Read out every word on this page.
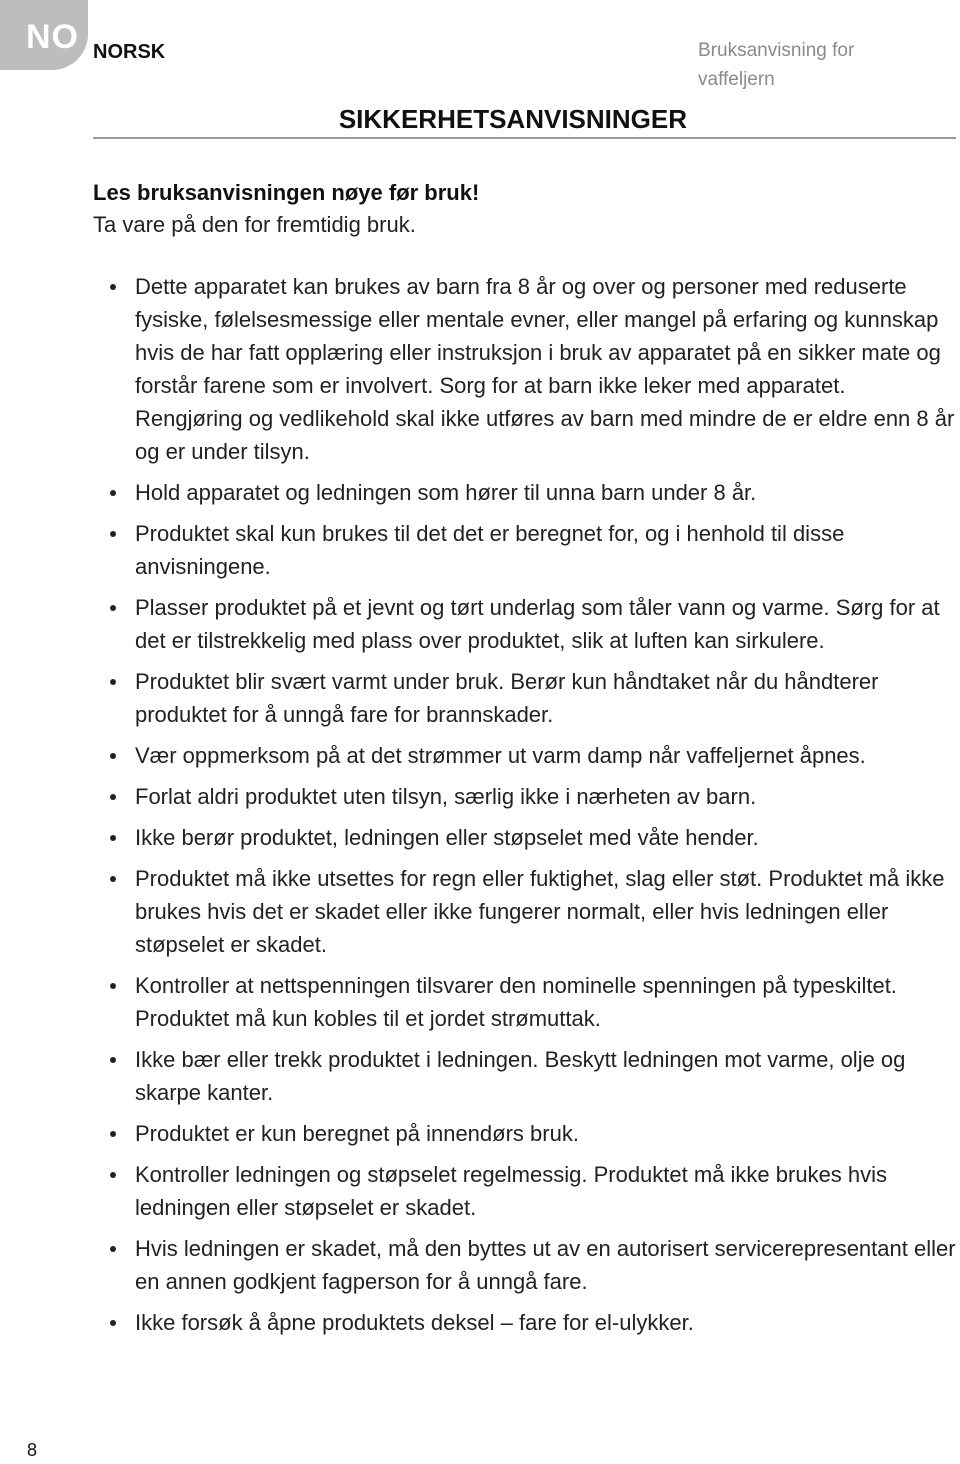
NO NORSK	Bruksanvisning for vaffeljern
SIKKERHETSANVISNINGER
Les bruksanvisningen nøye før bruk!
Ta vare på den for fremtidig bruk.
Dette apparatet kan brukes av barn fra 8 år og over og personer med reduserte fysiske, følelsesmessige eller mentale evner, eller mangel på erfaring og kunnskap hvis de har fatt opplæring eller instruksjon i bruk av apparatet på en sikker mate og forstår farene som er involvert. Sorg for at barn ikke leker med apparatet. Rengjøring og vedlikehold skal ikke utføres av barn med mindre de er eldre enn 8 år og er under tilsyn.
Hold apparatet og ledningen som hører til unna barn under 8 år.
Produktet skal kun brukes til det det er beregnet for, og i henhold til disse anvisningene.
Plasser produktet på et jevnt og tørt underlag som tåler vann og varme. Sørg for at det er tilstrekkelig med plass over produktet, slik at luften kan sirkulere.
Produktet blir svært varmt under bruk. Berør kun håndtaket når du håndterer produktet for å unngå fare for brannskader.
Vær oppmerksom på at det strømmer ut varm damp når vaffeljernet åpnes.
Forlat aldri produktet uten tilsyn, særlig ikke i nærheten av barn.
Ikke berør produktet, ledningen eller støpselet med våte hender.
Produktet må ikke utsettes for regn eller fuktighet, slag eller støt. Produktet må ikke brukes hvis det er skadet eller ikke fungerer normalt, eller hvis ledningen eller støpselet er skadet.
Kontroller at nettspenningen tilsvarer den nominelle spenningen på typeskiltet. Produktet må kun kobles til et jordet strømuttak.
Ikke bær eller trekk produktet i ledningen. Beskytt ledningen mot varme, olje og skarpe kanter.
Produktet er kun beregnet på innendørs bruk.
Kontroller ledningen og støpselet regelmessig. Produktet må ikke brukes hvis ledningen eller støpselet er skadet.
Hvis ledningen er skadet, må den byttes ut av en autorisert servicerepresentant eller en annen godkjent fagperson for å unngå fare.
Ikke forsøk å åpne produktets deksel – fare for el-ulykker.
8
